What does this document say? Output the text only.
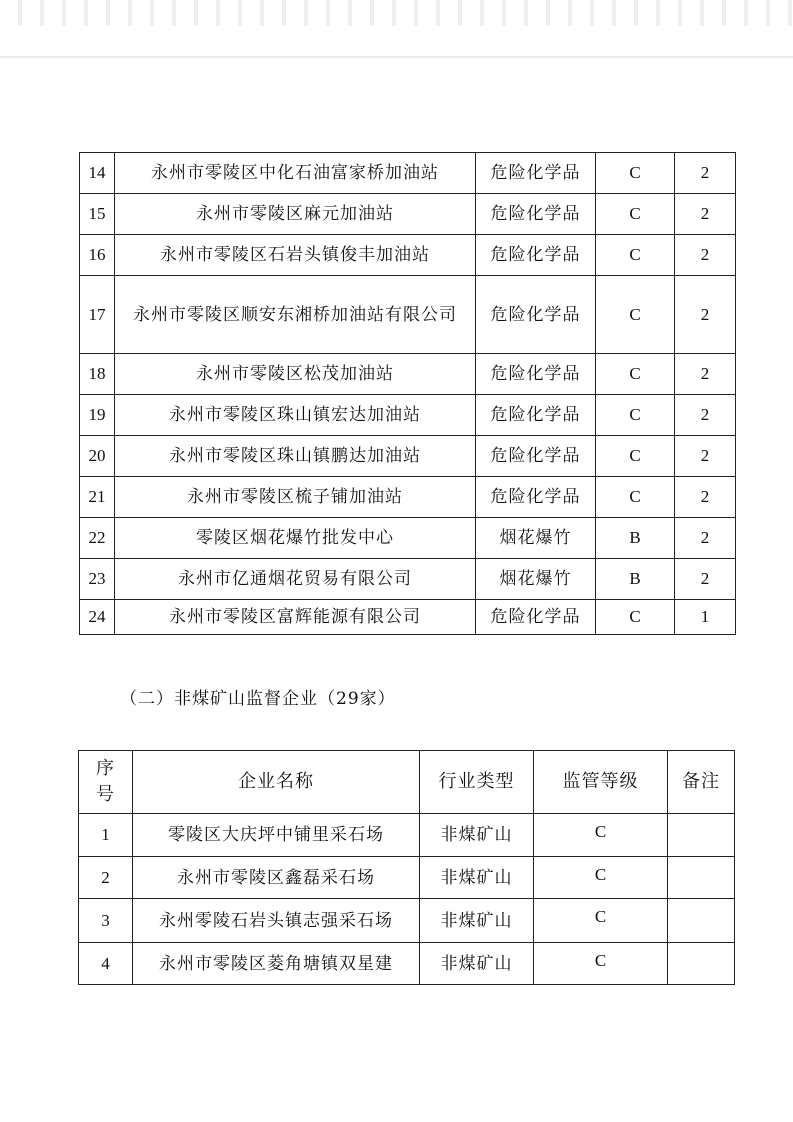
14	永州市零陵区中化石油富家桥加油站	危险化学品	C	2
15	永州市零陵区麻元加油站	危险化学品	C	2
16	永州市零陵区石岩头镇俊丰加油站	危险化学品	C	2
17	永州市零陵区顺安东湘桥加油站有限公司	危险化学品	C	2
18	永州市零陵区松茂加油站	危险化学品	C	2
19	永州市零陵区珠山镇宏达加油站	危险化学品	C	2
20	永州市零陵区珠山镇鹏达加油站	危险化学品	C	2
21	永州市零陵区梳子铺加油站	危险化学品	C	2
22	零陵区烟花爆竹批发中心	烟花爆竹	B	2
23	永州市亿通烟花贸易有限公司	烟花爆竹	B	2
24	永州市零陵区富辉能源有限公司	危险化学品	C	1
（二）非煤矿山监督企业（29家）
序号	企业名称	行业类型	监管等级	备注
1	零陵区大庆坪中铺里采石场	非煤矿山	C	
2	永州市零陵区鑫磊采石场	非煤矿山	C	
3	永州零陵石岩头镇志强采石场	非煤矿山	C	
4	永州市零陵区菱角塘镇双星建	非煤矿山	C	
